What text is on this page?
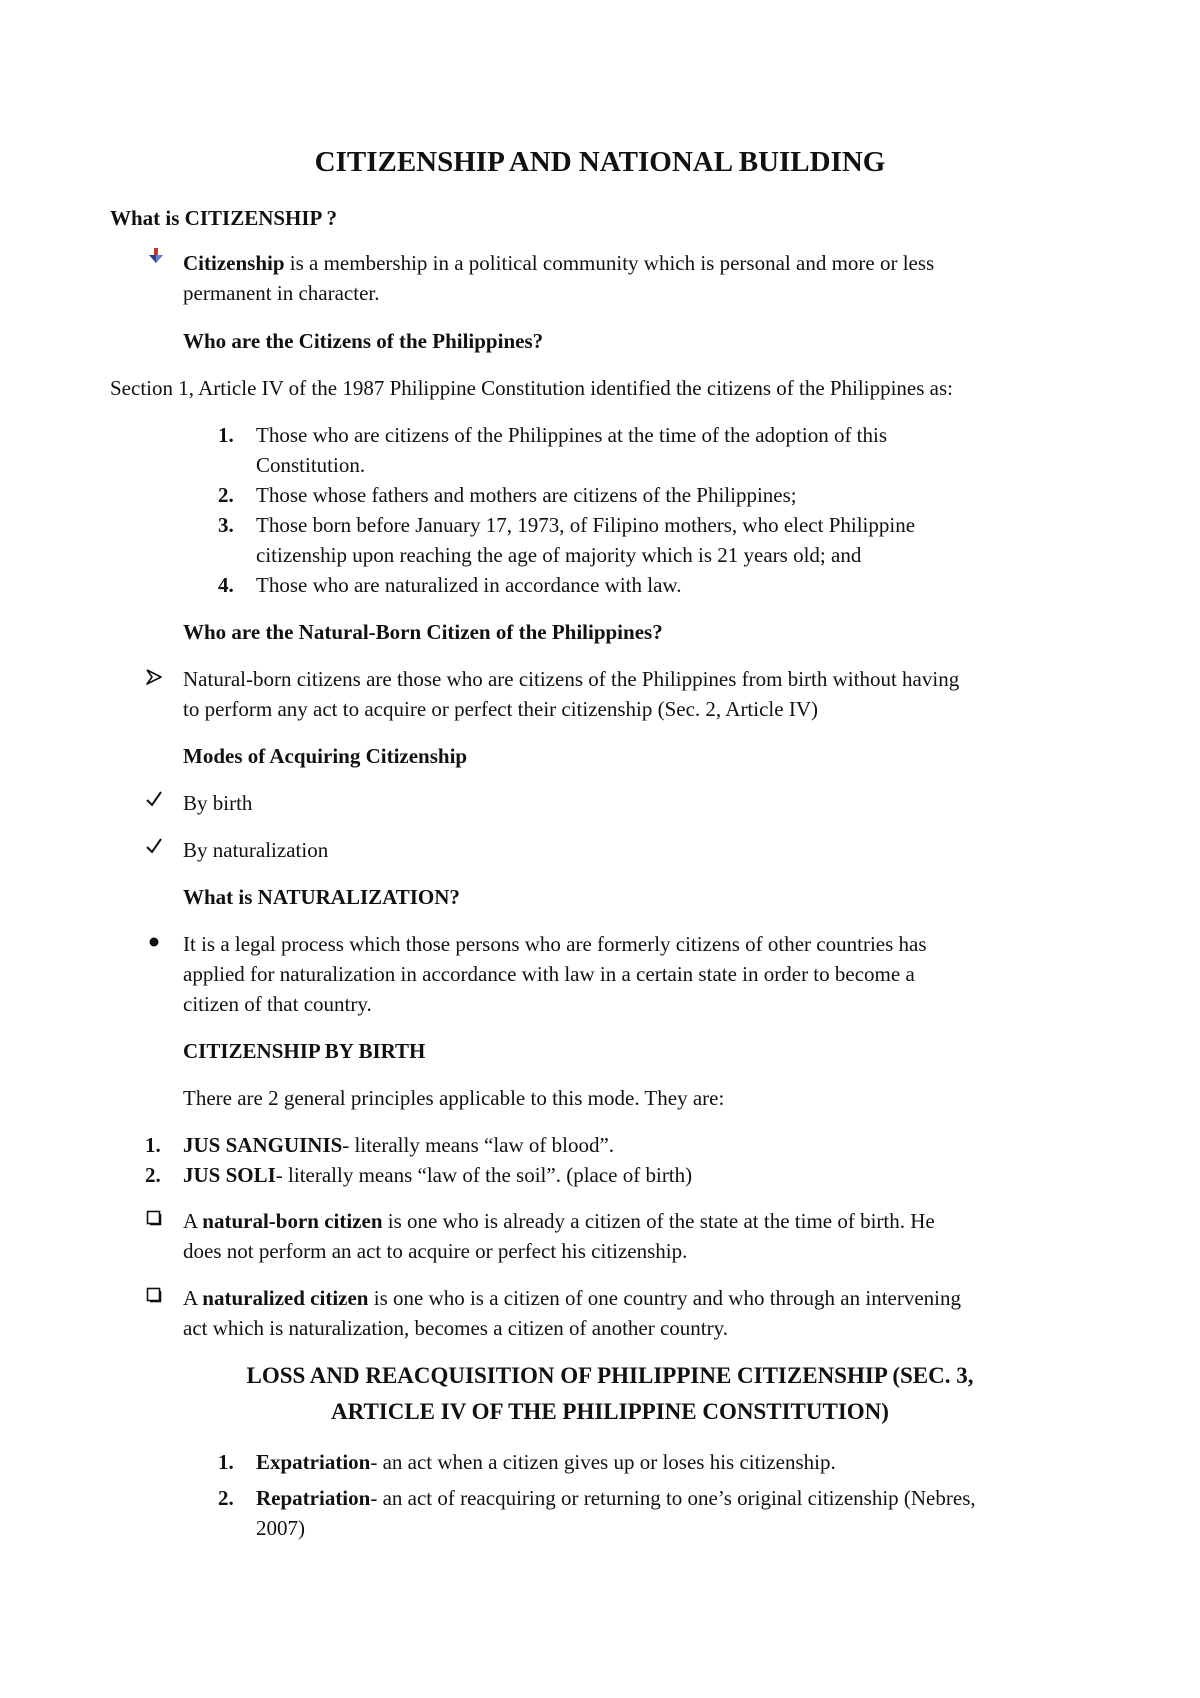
CITIZENSHIP AND NATIONAL BUILDING
What is CITIZENSHIP ?
Citizenship is a membership in a political community which is personal and more or less
permanent in character.
Who are the Citizens of the Philippines?
Section 1, Article IV of the 1987 Philippine Constitution identified the citizens of the Philippines as:
1.	Those who are citizens of the Philippines at the time of the adoption of this
Constitution.
2.	Those whose fathers and mothers are citizens of the Philippines;
3.	Those born before January 17, 1973, of Filipino mothers, who elect Philippine
citizenship upon reaching the age of majority which is 21 years old; and
4.	Those who are naturalized in accordance with law.
Who are the Natural-Born Citizen of the Philippines?
Natural-born citizens are those who are citizens of the Philippines from birth without having
to perform any act to acquire or perfect their citizenship (Sec. 2, Article IV)
Modes of Acquiring Citizenship
By birth
By naturalization
What is NATURALIZATION?
It is a legal process which those persons who are formerly citizens of other countries has
applied for naturalization in accordance with law in a certain state in order to become a
citizen of that country.
CITIZENSHIP BY BIRTH
There are 2 general principles applicable to this mode. They are:
1.	JUS SANGUINIS- literally means “law of blood”.
2.	JUS SOLI- literally means “law of the soil”. (place of birth)
A natural-born citizen is one who is already a citizen of the state at the time of birth. He
does not perform an act to acquire or perfect his citizenship.
A naturalized citizen is one who is a citizen of one country and who through an intervening
act which is naturalization, becomes a citizen of another country.
LOSS AND REACQUISITION OF PHILIPPINE CITIZENSHIP (SEC. 3,
ARTICLE IV OF THE PHILIPPINE CONSTITUTION)
1.	Expatriation- an act when a citizen gives up or loses his citizenship.
2.	Repatriation- an act of reacquiring or returning to one’s original citizenship (Nebres,
2007)
